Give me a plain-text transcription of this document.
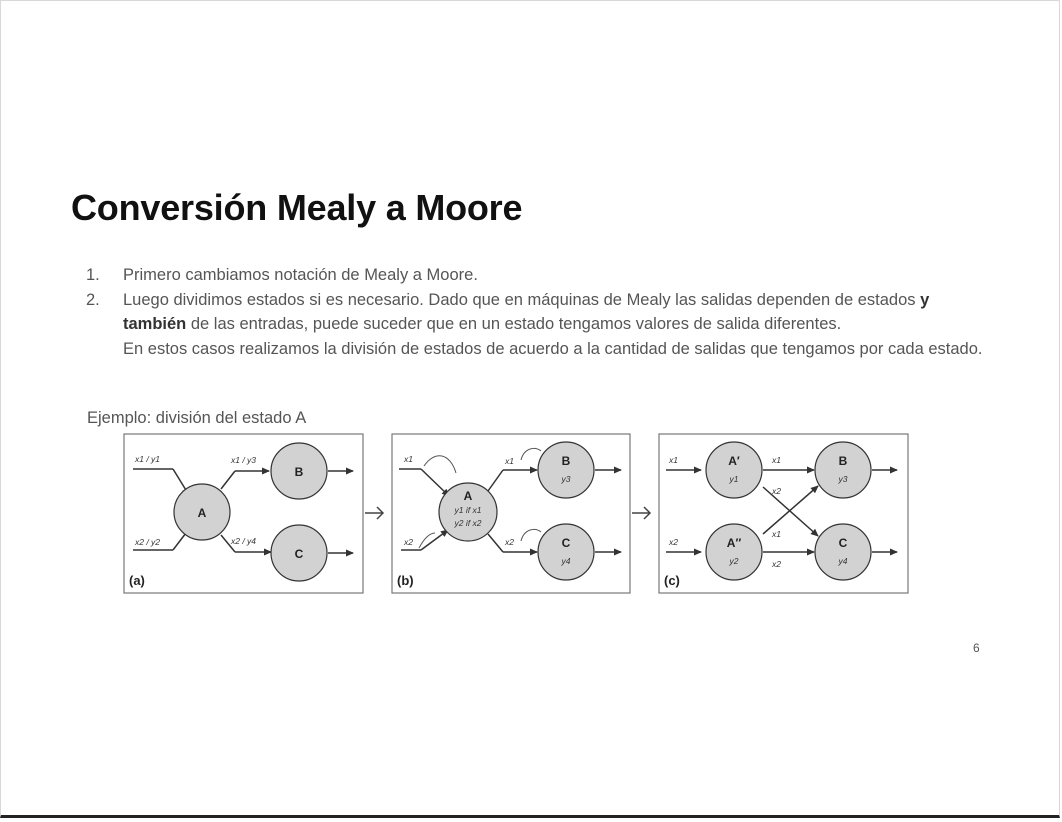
Conversión Mealy a Moore
1. Primero cambiamos notación de Mealy a Moore.
2. Luego dividimos estados si es necesario. Dado que en máquinas de Mealy las salidas dependen de estados y también de las entradas, puede suceder que en un estado tengamos valores de salida diferentes.
En estos casos realizamos la división de estados de acuerdo a la cantidad de salidas que tengamos por cada estado.
Ejemplo: división del estado A
A
B
C
x1 / y1
x2 / y2
x1 / y3
x2 / y4
(a)
A
y1 if x1
y2 if x2
B
y3
C
y4
x1
x2
x1
x2
(b)
A′
y1
A′′
y2
B
y3
C
y4
x1
x2
x1
x2
x1
x2
(c)
6
